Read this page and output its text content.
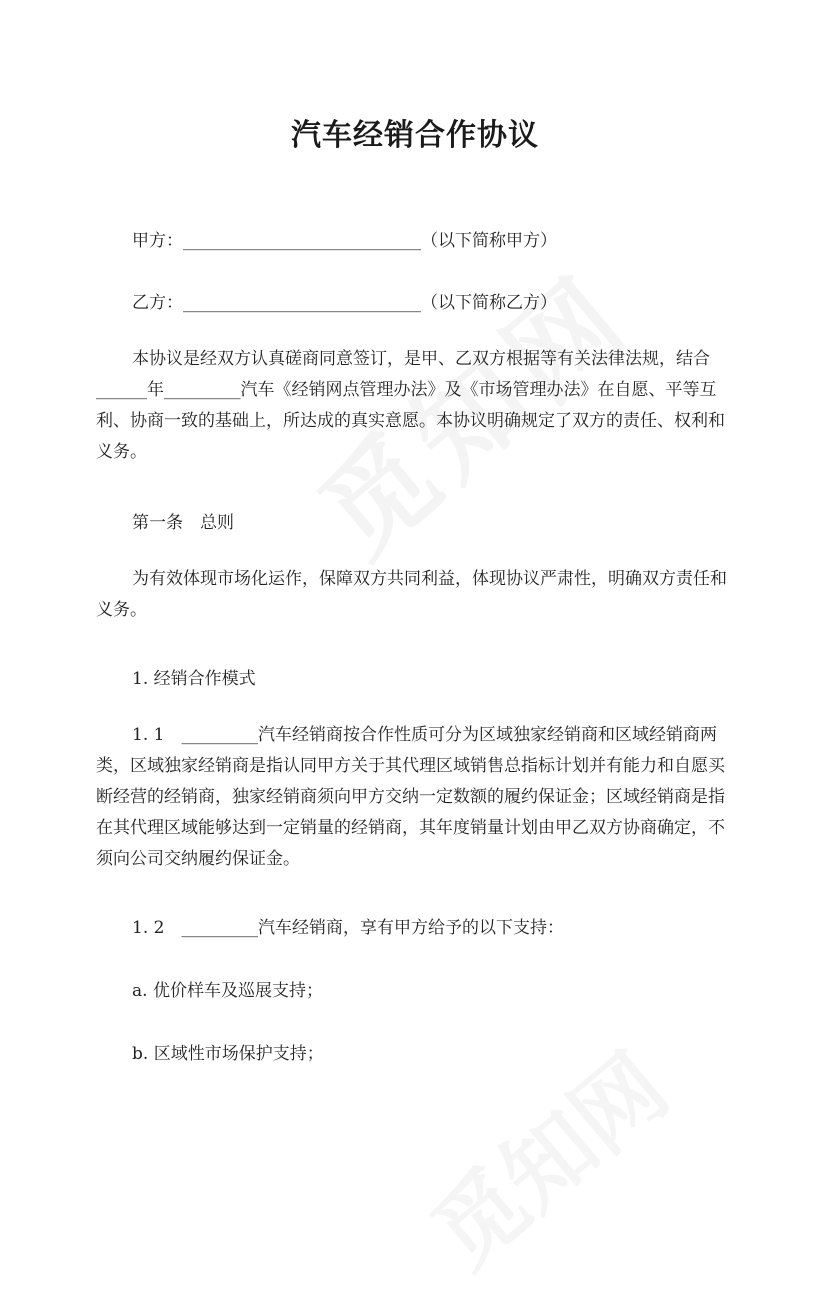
汽车经销合作协议

甲方：____________________________（以下简称甲方）

乙方：____________________________（以下简称乙方）

本协议是经双方认真磋商同意签订，是甲、乙双方根据等有关法律法规，结合
______年_________汽车《经销网点管理办法》及《市场管理办法》在自愿、平等互
利、协商一致的基础上，所达成的真实意愿。本协议明确规定了双方的责任、权利和
义务。

第一条　总则

为有效体现市场化运作，保障双方共同利益，体现协议严肃性，明确双方责任和
义务。

1. 经销合作模式

1. 1　_________汽车经销商按合作性质可分为区域独家经销商和区域经销商两
类，区域独家经销商是指认同甲方关于其代理区域销售总指标计划并有能力和自愿买
断经营的经销商，独家经销商须向甲方交纳一定数额的履约保证金；区域经销商是指
在其代理区域能够达到一定销量的经销商，其年度销量计划由甲乙双方协商确定，不
须向公司交纳履约保证金。

1. 2　_________汽车经销商，享有甲方给予的以下支持：

a. 优价样车及巡展支持；

b. 区域性市场保护支持；
